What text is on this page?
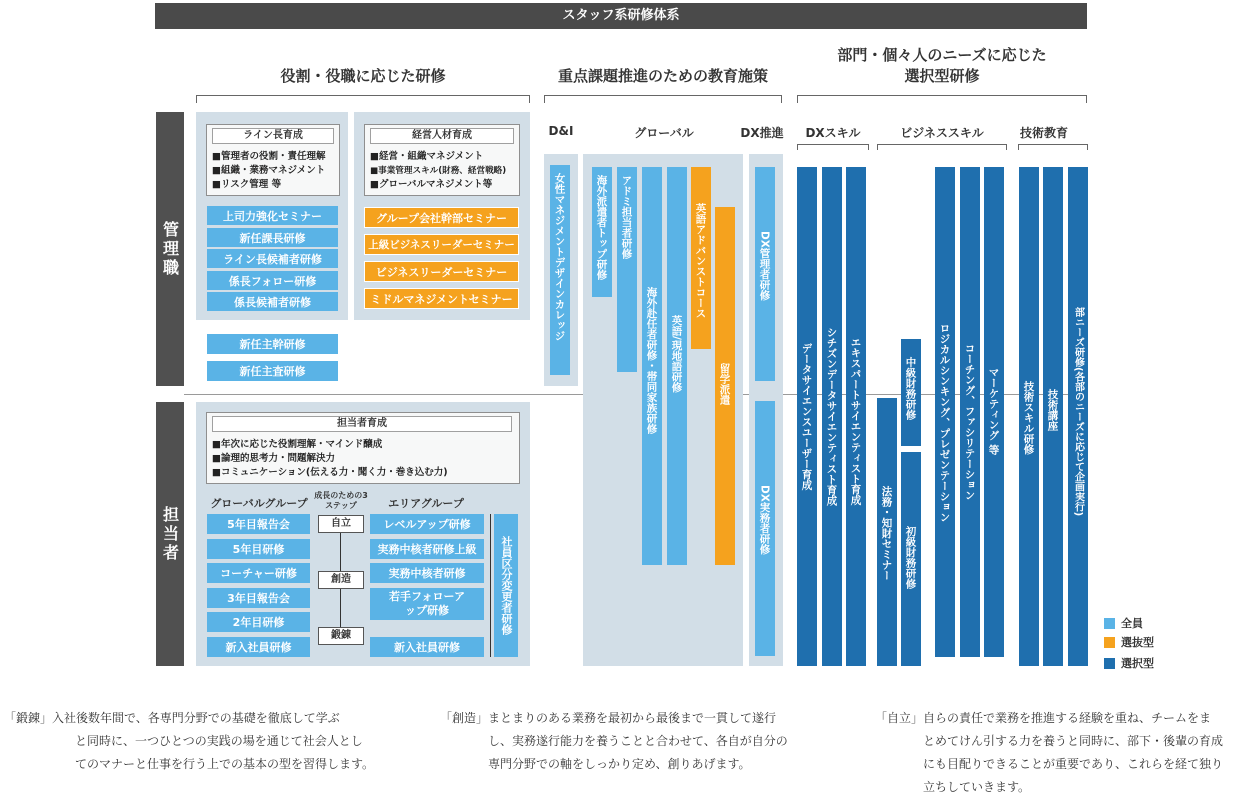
スタッフ系研修体系
役割・役職に応じた研修	重点課題推進のための教育施策
部門・個々人のニーズに応じた
選択型研修
D&I	グローバル	DX推進	DXスキル	ビジネススキル	技術教育
管理職
担当者
ライン長育成
■管理者の役割・責任理解
■組織・業務マネジメント
■リスク管理 等
上司力強化セミナー
新任課長研修
ライン長候補者研修
係長フォロー研修
係長候補者研修
経営人材育成
■経営・組織マネジメント
■事業管理スキル(財務、経営戦略)
■グローバルマネジメント等
グループ会社幹部セミナー
上級ビジネスリーダーセミナー
ビジネスリーダーセミナー
ミドルマネジメントセミナー
新任主幹研修
新任主査研修
担当者育成
■年次に応じた役割理解・マインド醸成
■論理的思考力・問題解決力
■コミュニケーション(伝える力・聞く力・巻き込む力)
グローバルグループ
成長のための3ステップ	エリアグループ
5年目報告会
5年目研修
コーチャー研修
3年目報告会
2年目研修
新入社員研修
自立
創造
鍛錬
レベルアップ研修
実務中核者研修上級
実務中核者研修
若手フォローアップ研修
新入社員研修
社員区分変更者研修
女性マネジメントデザインカレッジ	海外派遣者トップ研修	アドミ担当者研修
海外赴任者研修・帯同家族研修	英語/現地語研修
英語アドバンストコース
留学派遣
DX管理者研修
DX実務者研修
データサイエンスユーザー育成	シチズンデータサイエンティスト育成	エキスパートサイエンティスト育成
法務・知財セミナー
中級財務研修
初級財務研修
ロジカルシンキング、プレゼンテーション	コーチング、ファシリテーション	マーケティング 等	技術スキル研修	技術講座	部ニーズ研修(各部のニーズに応じて企画実行)
全員
選抜型
選択型
「鍛錬」 入社後数年間で、各専門分野での基礎を徹底して学ぶ
と同時に、一つひとつの実践の場を通じて社会人とし
てのマナーと仕事を行う上での基本の型を習得します。
「創造」 まとまりのある業務を最初から最後まで一貫して遂行
し、実務遂行能力を養うことと合わせて、各自が自分の
専門分野での軸をしっかり定め、創りあげます。
「自立」 自らの責任で業務を推進する経験を重ね、チームをま
とめてけん引する力を養うと同時に、部下・後輩の育成
にも目配りできることが重要であり、これらを経て独り
立ちしていきます。
